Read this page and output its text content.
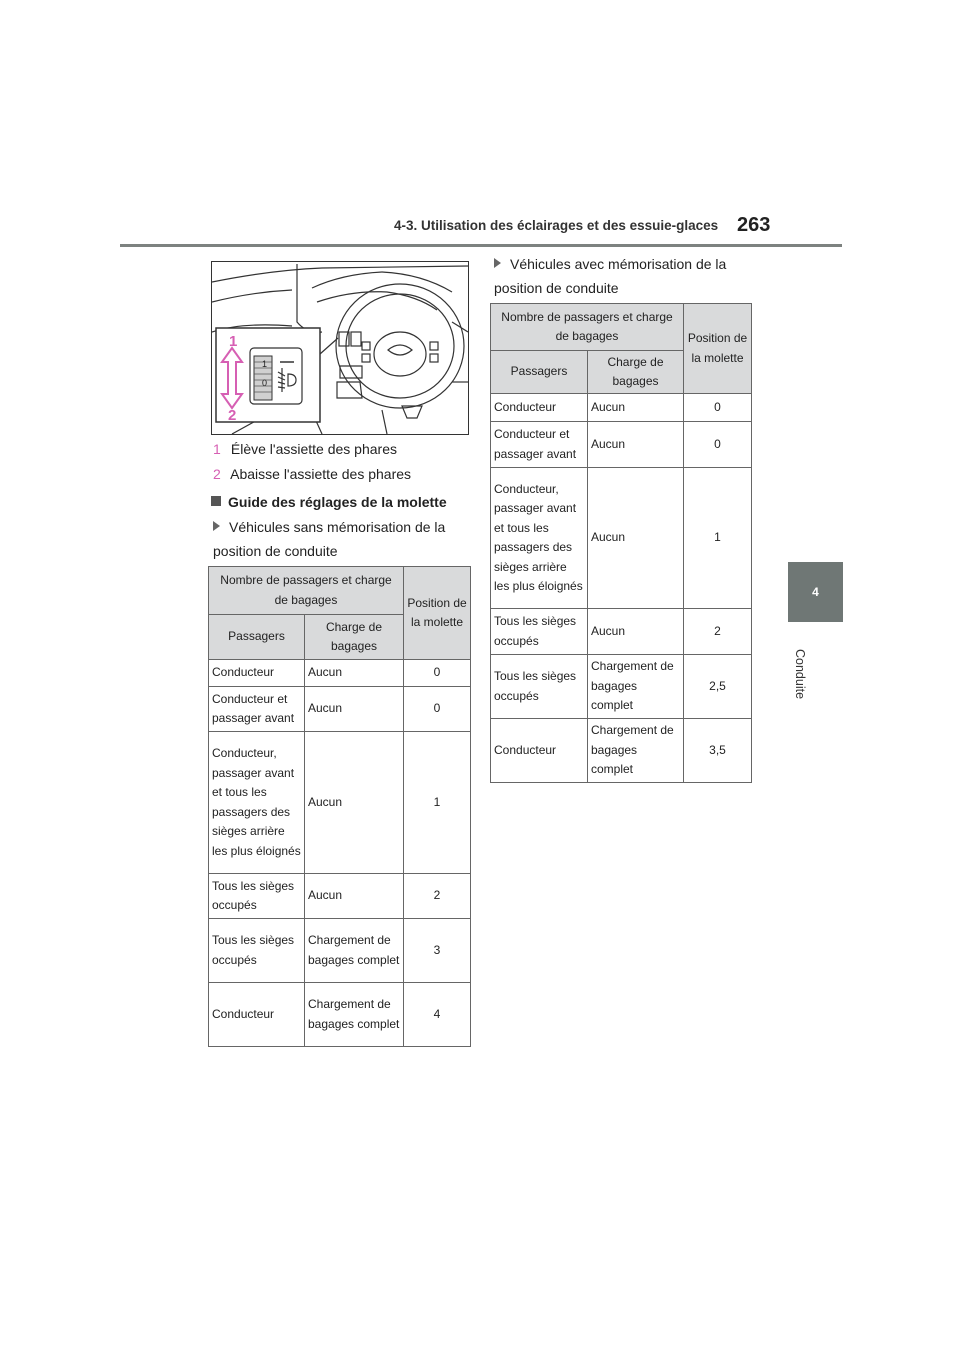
4-3. Utilisation des éclairages et des essuie-glaces 263
4
Conduite
1
0
1
2
1 Élève l'assiette des phares
2 Abaisse l'assiette des phares
Guide des réglages de la molette
Véhicules sans mémorisation de la position de conduite
Nombre de passagers et charge de bagages		Position de la molette
Passagers	Charge de bagages	
Conducteur	Aucun	0
Conducteur et passager avant	Aucun	0
Conducteur, passager avant et tous les passagers des sièges arrière les plus éloignés	Aucun	1
Tous les sièges occupés	Aucun	2
Tous les sièges occupés	Chargement de bagages complet	3
Conducteur	Chargement de bagages complet	4
Véhicules avec mémorisation de la position de conduite
Nombre de passagers et charge de bagages		Position de la molette
Passagers	Charge de bagages	
Conducteur	Aucun	0
Conducteur et passager avant	Aucun	0
Conducteur, passager avant et tous les passagers des sièges arrière les plus éloignés	Aucun	1
Tous les sièges occupés	Aucun	2
Tous les sièges occupés	Chargement de bagages complet	2,5
Conducteur	Chargement de bagages complet	3,5
